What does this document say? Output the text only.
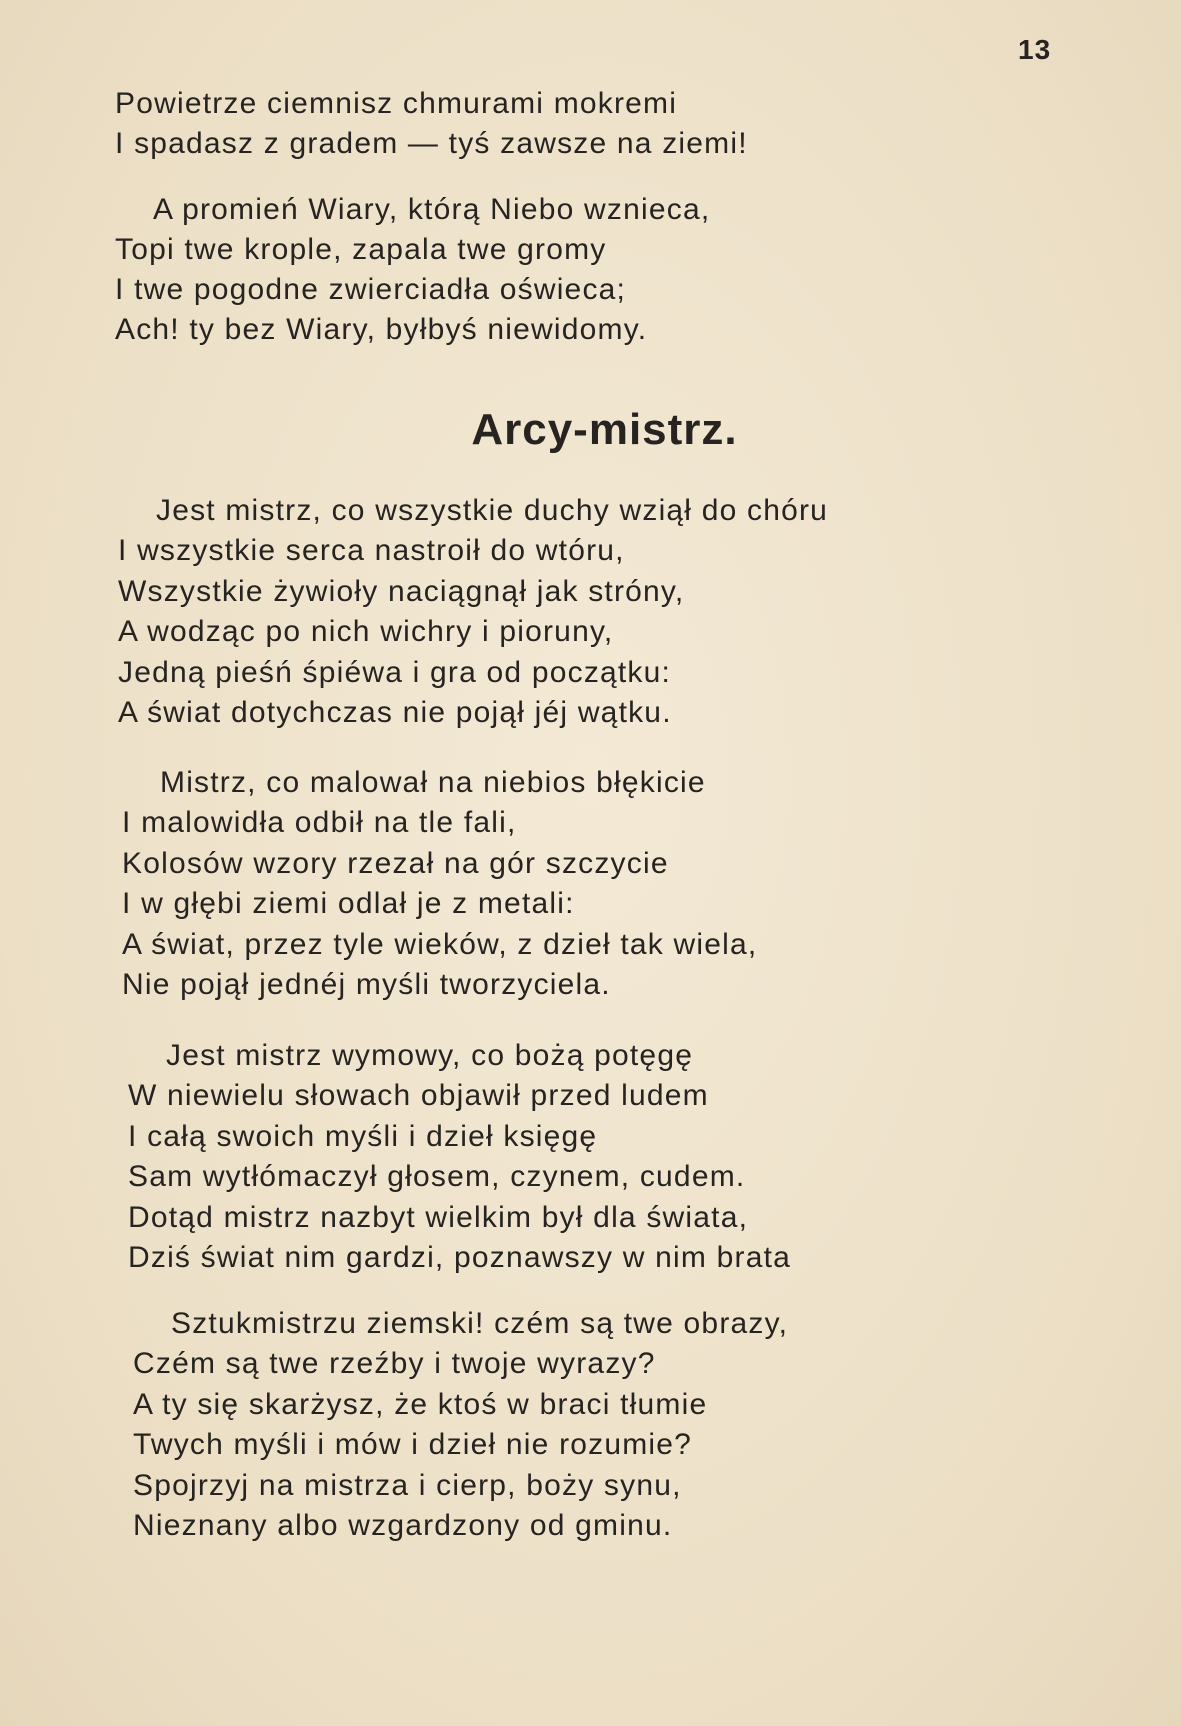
13
Powietrze ciemnisz chmurami mokremi
I spadasz z gradem — tyś zawsze na ziemi!
A promień Wiary, którą Niebo wznieca,
Topi twe krople, zapala twe gromy
I twe pogodne zwierciadła oświeca;
Ach! ty bez Wiary, byłbyś niewidomy.
Arcy-mistrz.
Jest mistrz, co wszystkie duchy wziął do chóru
I wszystkie serca nastroił do wtóru,
Wszystkie żywioły naciągnął jak stróny,
A wodząc po nich wichry i pioruny,
Jedną pieśń śpiéwa i gra od początku:
A świat dotychczas nie pojął jéj wątku.
Mistrz, co malował na niebios błękicie
I malowidła odbił na tle fali,
Kolosów wzory rzezał na gór szczycie
I w głębi ziemi odlał je z metali:
A świat, przez tyle wieków, z dzieł tak wiela,
Nie pojął jednéj myśli tworzyciela.
Jest mistrz wymowy, co bożą potęgę
W niewielu słowach objawił przed ludem
I całą swoich myśli i dzieł księgę
Sam wytłómaczył głosem, czynem, cudem.
Dotąd mistrz nazbyt wielkim był dla świata,
Dziś świat nim gardzi, poznawszy w nim brata
Sztukmistrzu ziemski! czém są twe obrazy,
Czém są twe rzeźby i twoje wyrazy?
A ty się skarżysz, że ktoś w braci tłumie
Twych myśli i mów i dzieł nie rozumie?
Spojrzyj na mistrza i cierp, boży synu,
Nieznany albo wzgardzony od gminu.
